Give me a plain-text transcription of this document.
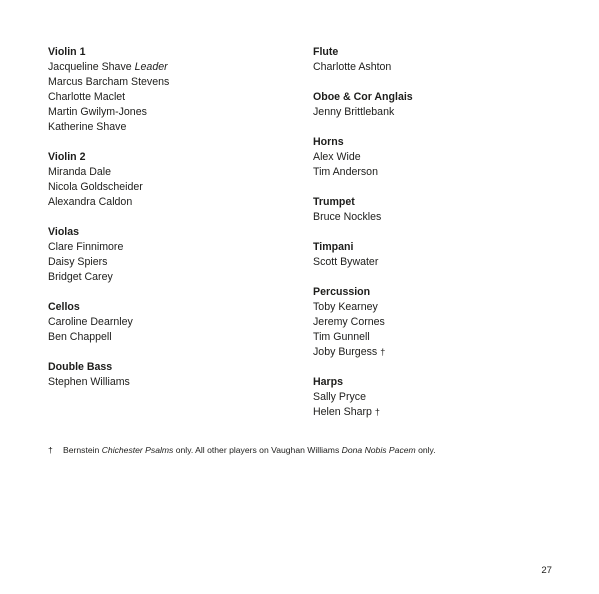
Violin 1
Jacqueline Shave Leader
Marcus Barcham Stevens
Charlotte Maclet
Martin Gwilym-Jones
Katherine Shave
Violin 2
Miranda Dale
Nicola Goldscheider
Alexandra Caldon
Violas
Clare Finnimore
Daisy Spiers
Bridget Carey
Cellos
Caroline Dearnley
Ben Chappell
Double Bass
Stephen Williams
Flute
Charlotte Ashton
Oboe & Cor Anglais
Jenny Brittlebank
Horns
Alex Wide
Tim Anderson
Trumpet
Bruce Nockles
Timpani
Scott Bywater
Percussion
Toby Kearney
Jeremy Cornes
Tim Gunnell
Joby Burgess †
Harps
Sally Pryce
Helen Sharp †
† Bernstein Chichester Psalms only. All other players on Vaughan Williams Dona Nobis Pacem only.
27
